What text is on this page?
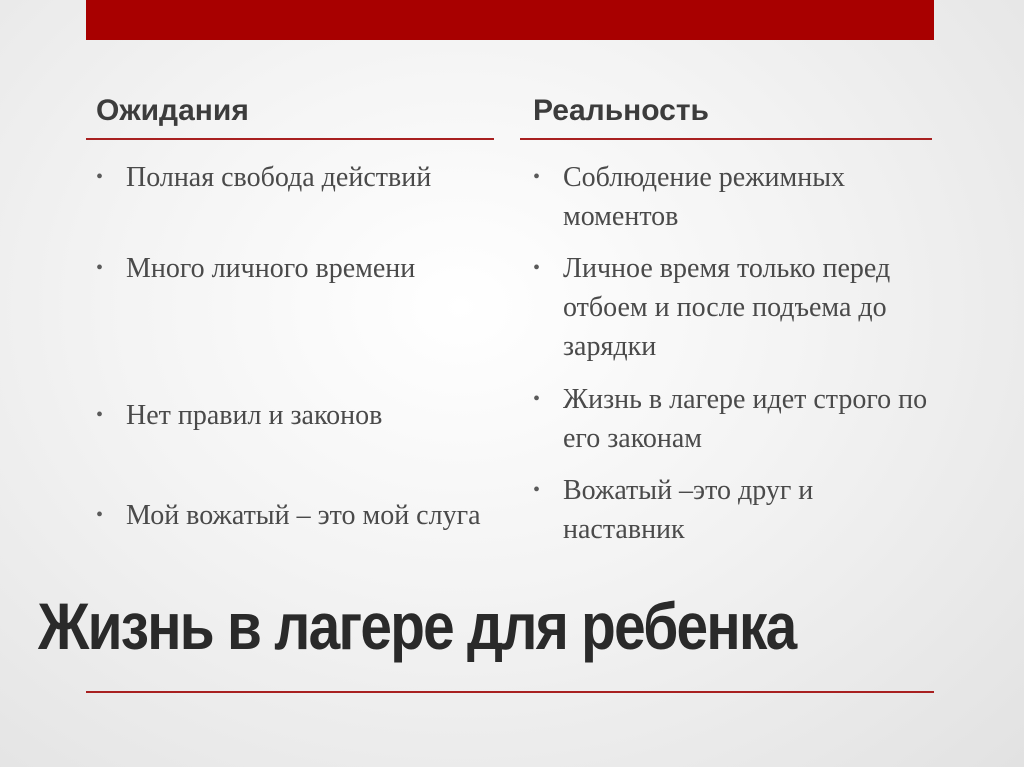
Ожидания	Реальность
• Полная свобода действий
• Много личного времени
• Нет правил и законов
• Мой вожатый – это мой слуга
• Соблюдение режимных моментов
• Личное время только перед отбоем и после подъема до зарядки
• Жизнь в лагере идет строго по его законам
• Вожатый –это друг и наставник
Жизнь в лагере для ребенка
